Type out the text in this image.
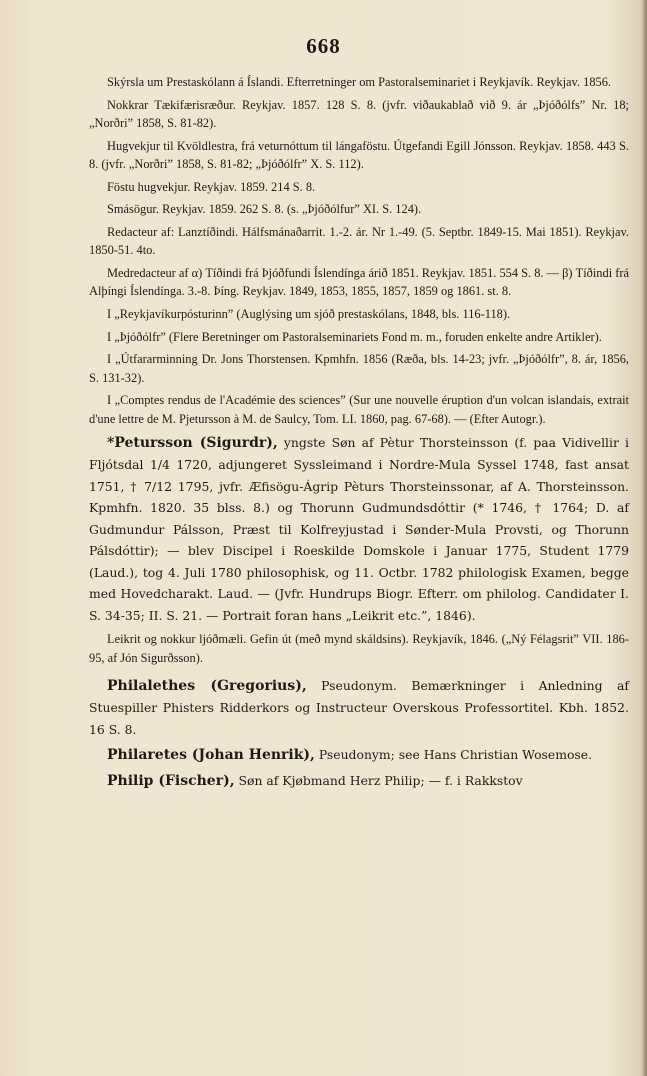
668

Skýrsla um Prestaskólann á Íslandi. Efterretninger om Pastoralseminariet i Reykjavík. Reykjav. 1856.

Nokkrar Tækifærisræður. Reykjav. 1857. 128 S. 8. (jvfr. viðaukablað við 9. ár „Þjóðólfs” Nr. 18; „Norðri” 1858, S. 81-82).

Hugvekjur til Kvöldlestra, frá veturnóttum til lángaföstu. Útgefandi Egill Jónsson. Reykjav. 1858. 443 S. 8. (jvfr. „Norðri” 1858, S. 81-82; „Þjóðólfr” X. S. 112).

Föstu hugvekjur. Reykjav. 1859. 214 S. 8.

Smásögur. Reykjav. 1859. 262 S. 8. (s. „Þjóðólfur” XI. S. 124).

Redacteur af: Lanztíðindi. Hálfsmánaðarrit. 1.-2. ár. Nr 1.-49. (5. Septbr. 1849-15. Mai 1851). Reykjav. 1850-51. 4to.

Medredacteur af α) Tíðindi frá Þjóðfundi Íslendínga árið 1851. Reykjav. 1851. 554 S. 8. — β) Tíðindi frá Alþíngi Íslendínga. 3.-8. Þíng. Reykjav. 1849, 1853, 1855, 1857, 1859 og 1861. st. 8.

I „Reykjavíkurpósturinn” (Auglýsing um sjóð prestaskólans, 1848, bls. 116-118).

I „Þjóðólfr” (Flere Beretninger om Pastoralseminariets Fond m. m., foruden enkelte andre Artikler).

I „Útfararminning Dr. Jons Thorstensen. Kpmhfn. 1856 (Ræða, bls. 14-23; jvfr. „Þjóðólfr”, 8. ár, 1856, S. 131-32).

I „Comptes rendus de l'Académie des sciences” (Sur une nouvelle éruption d'un volcan islandais, extrait d'une lettre de M. Pjetursson à M. de Saulcy, Tom. LI. 1860, pag. 67-68). — (Efter Autogr.).

*Petursson (Sigurdr), yngste Søn af Pètur Thorsteinsson (f. paa Vidivellir i Fljótsdal 1/4 1720, adjungeret Syssleimand i Nordre-Mula Syssel 1748, fast ansat 1751, † 7/12 1795, jvfr. Æfisögu-Ágrip Pèturs Thorsteinssonar, af A. Thorsteinsson. Kpmhfn. 1820. 35 blss. 8.) og Thorunn Gudmundsdóttir (* 1746, † 1764; D. af Gudmundur Pálsson, Præst til Kolfreyjustad i Sønder-Mula Provsti, og Thorunn Pálsdóttir); — blev Discipel i Roeskilde Domskole i Januar 1775, Student 1779 (Laud.), tog 4. Juli 1780 philosophisk, og 11. Octbr. 1782 philologisk Examen, begge med Hovedcharakt. Laud. — (Jvfr. Hundrups Biogr. Efterr. om philolog. Candidater I. S. 34-35; II. S. 21. — Portrait foran hans „Leikrit etc.”, 1846).

Leikrit og nokkur ljóðmæli. Gefin út (með mynd skáldsins). Reykjavík, 1846. („Ný Félagsrit” VII. 186-95, af Jón Sigurðsson).

Philalethes (Gregorius), Pseudonym. Bemærkninger i Anledning af Stuespiller Phisters Ridderkors og Instructeur Overskous Professortitel. Kbh. 1852. 16 S. 8.

Philaretes (Johan Henrik), Pseudonym; see Hans Christian Wosemose.

Philip (Fischer), Søn af Kjøbmand Herz Philip; — f. i Rakkstov
